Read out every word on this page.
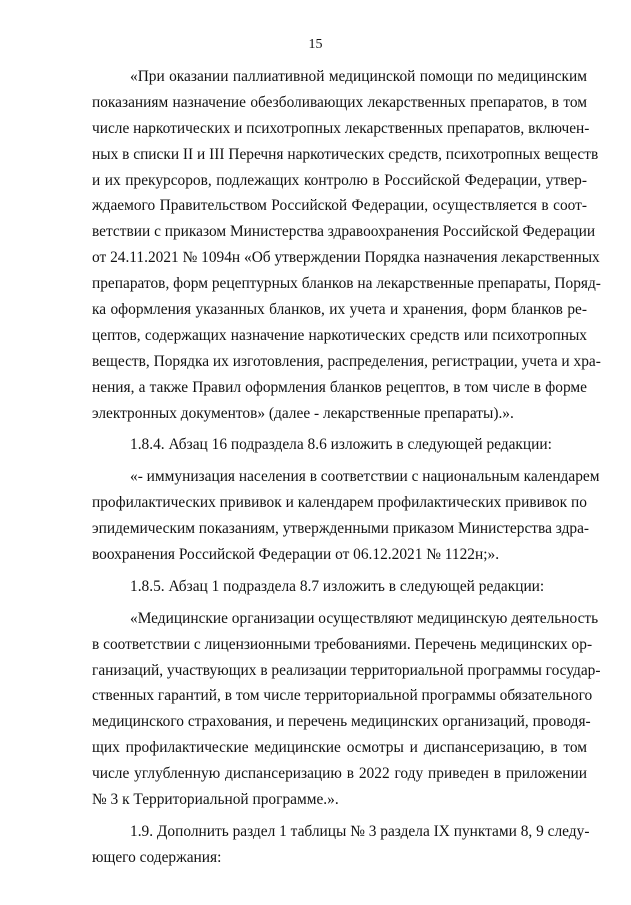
15
«При оказании паллиативной медицинской помощи по медицинским
показаниям назначение обезболивающих лекарственных препаратов, в том
числе наркотических и психотропных лекарственных препаратов, включен-
ных в списки II и III Перечня наркотических средств, психотропных веществ
и их прекурсоров, подлежащих контролю в Российской Федерации, утвер-
ждаемого Правительством Российской Федерации, осуществляется в соот-
ветствии с приказом Министерства здравоохранения Российской Федерации
от 24.11.2021 № 1094н «Об утверждении Порядка назначения лекарственных
препаратов, форм рецептурных бланков на лекарственные препараты, Поряд-
ка оформления указанных бланков, их учета и хранения, форм бланков ре-
цептов, содержащих назначение наркотических средств или психотропных
веществ, Порядка их изготовления, распределения, регистрации, учета и хра-
нения, а также Правил оформления бланков рецептов, в том числе в форме
электронных документов» (далее - лекарственные препараты).».
1.8.4. Абзац 16 подраздела 8.6 изложить в следующей редакции:
«- иммунизация населения в соответствии с национальным календарем
профилактических прививок и календарем профилактических прививок по
эпидемическим показаниям, утвержденными приказом Министерства здра-
воохранения Российской Федерации от 06.12.2021 № 1122н;».
1.8.5. Абзац 1 подраздела 8.7 изложить в следующей редакции:
«Медицинские организации осуществляют медицинскую деятельность
в соответствии с лицензионными требованиями. Перечень медицинских ор-
ганизаций, участвующих в реализации территориальной программы государ-
ственных гарантий, в том числе территориальной программы обязательного
медицинского страхования, и перечень медицинских организаций, проводя-
щих профилактические медицинские осмотры и диспансеризацию, в том
числе углубленную диспансеризацию в 2022 году приведен в приложении
№ 3 к Территориальной программе.».
1.9. Дополнить раздел 1 таблицы № 3 раздела IX пунктами 8, 9 следу-
ющего содержания:
